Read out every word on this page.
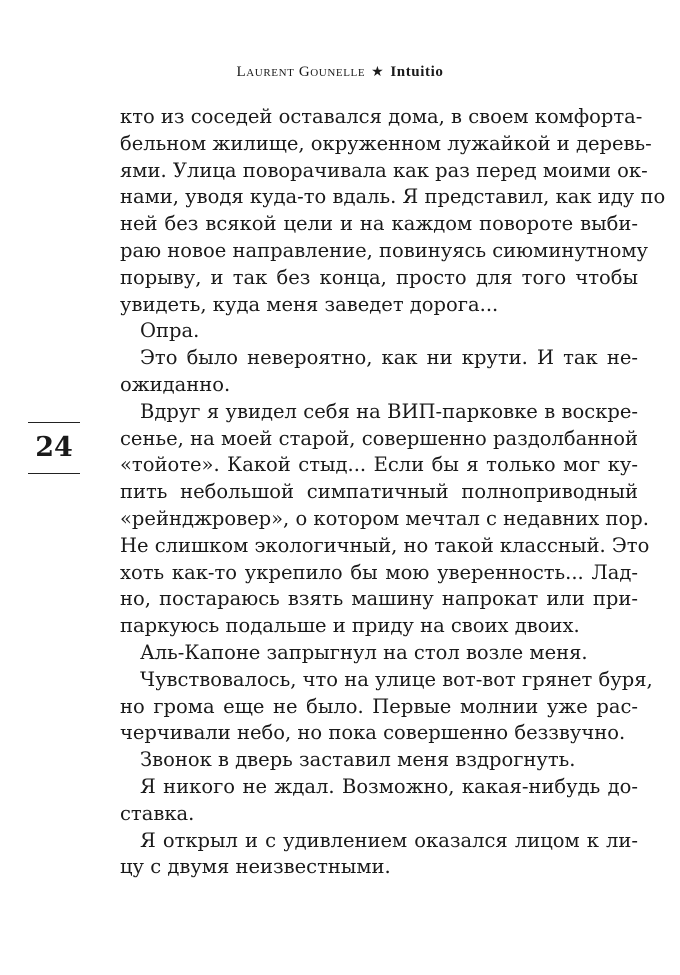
Laurent Gounelle ★ Intuitio
24

кто из соседей оставался дома, в своем комфорта-

бельном жилище, окруженном лужайкой и деревь-

ями. Улица поворачивала как раз перед моими ок-

нами, уводя куда-то вдаль. Я представил, как иду по

ней без всякой цели и на каждом повороте выби-

раю новое направление, повинуясь сиюминутному

порыву, и так без конца, просто для того чтобы

увидеть, куда меня заведет дорога...

Опра.

Это было невероятно, как ни крути. И так не-

ожиданно.

Вдруг я увидел себя на ВИП-парковке в воскре-

сенье, на моей старой, совершенно раздолбанной

«тойоте». Какой стыд... Если бы я только мог ку-

пить небольшой симпатичный полноприводный

«рейнджровер», о котором мечтал с недавних пор.

Не слишком экологичный, но такой классный. Это

хоть как-то укрепило бы мою уверенность... Лад-

но, постараюсь взять машину напрокат или при-

паркуюсь подальше и приду на своих двоих.

Аль-Капоне запрыгнул на стол возле меня.

Чувствовалось, что на улице вот-вот грянет буря,

но грома еще не было. Первые молнии уже рас-

черчивали небо, но пока совершенно беззвучно.

Звонок в дверь заставил меня вздрогнуть.

Я никого не ждал. Возможно, какая-нибудь до-

ставка.

Я открыл и с удивлением оказался лицом к ли-

цу с двумя неизвестными.
